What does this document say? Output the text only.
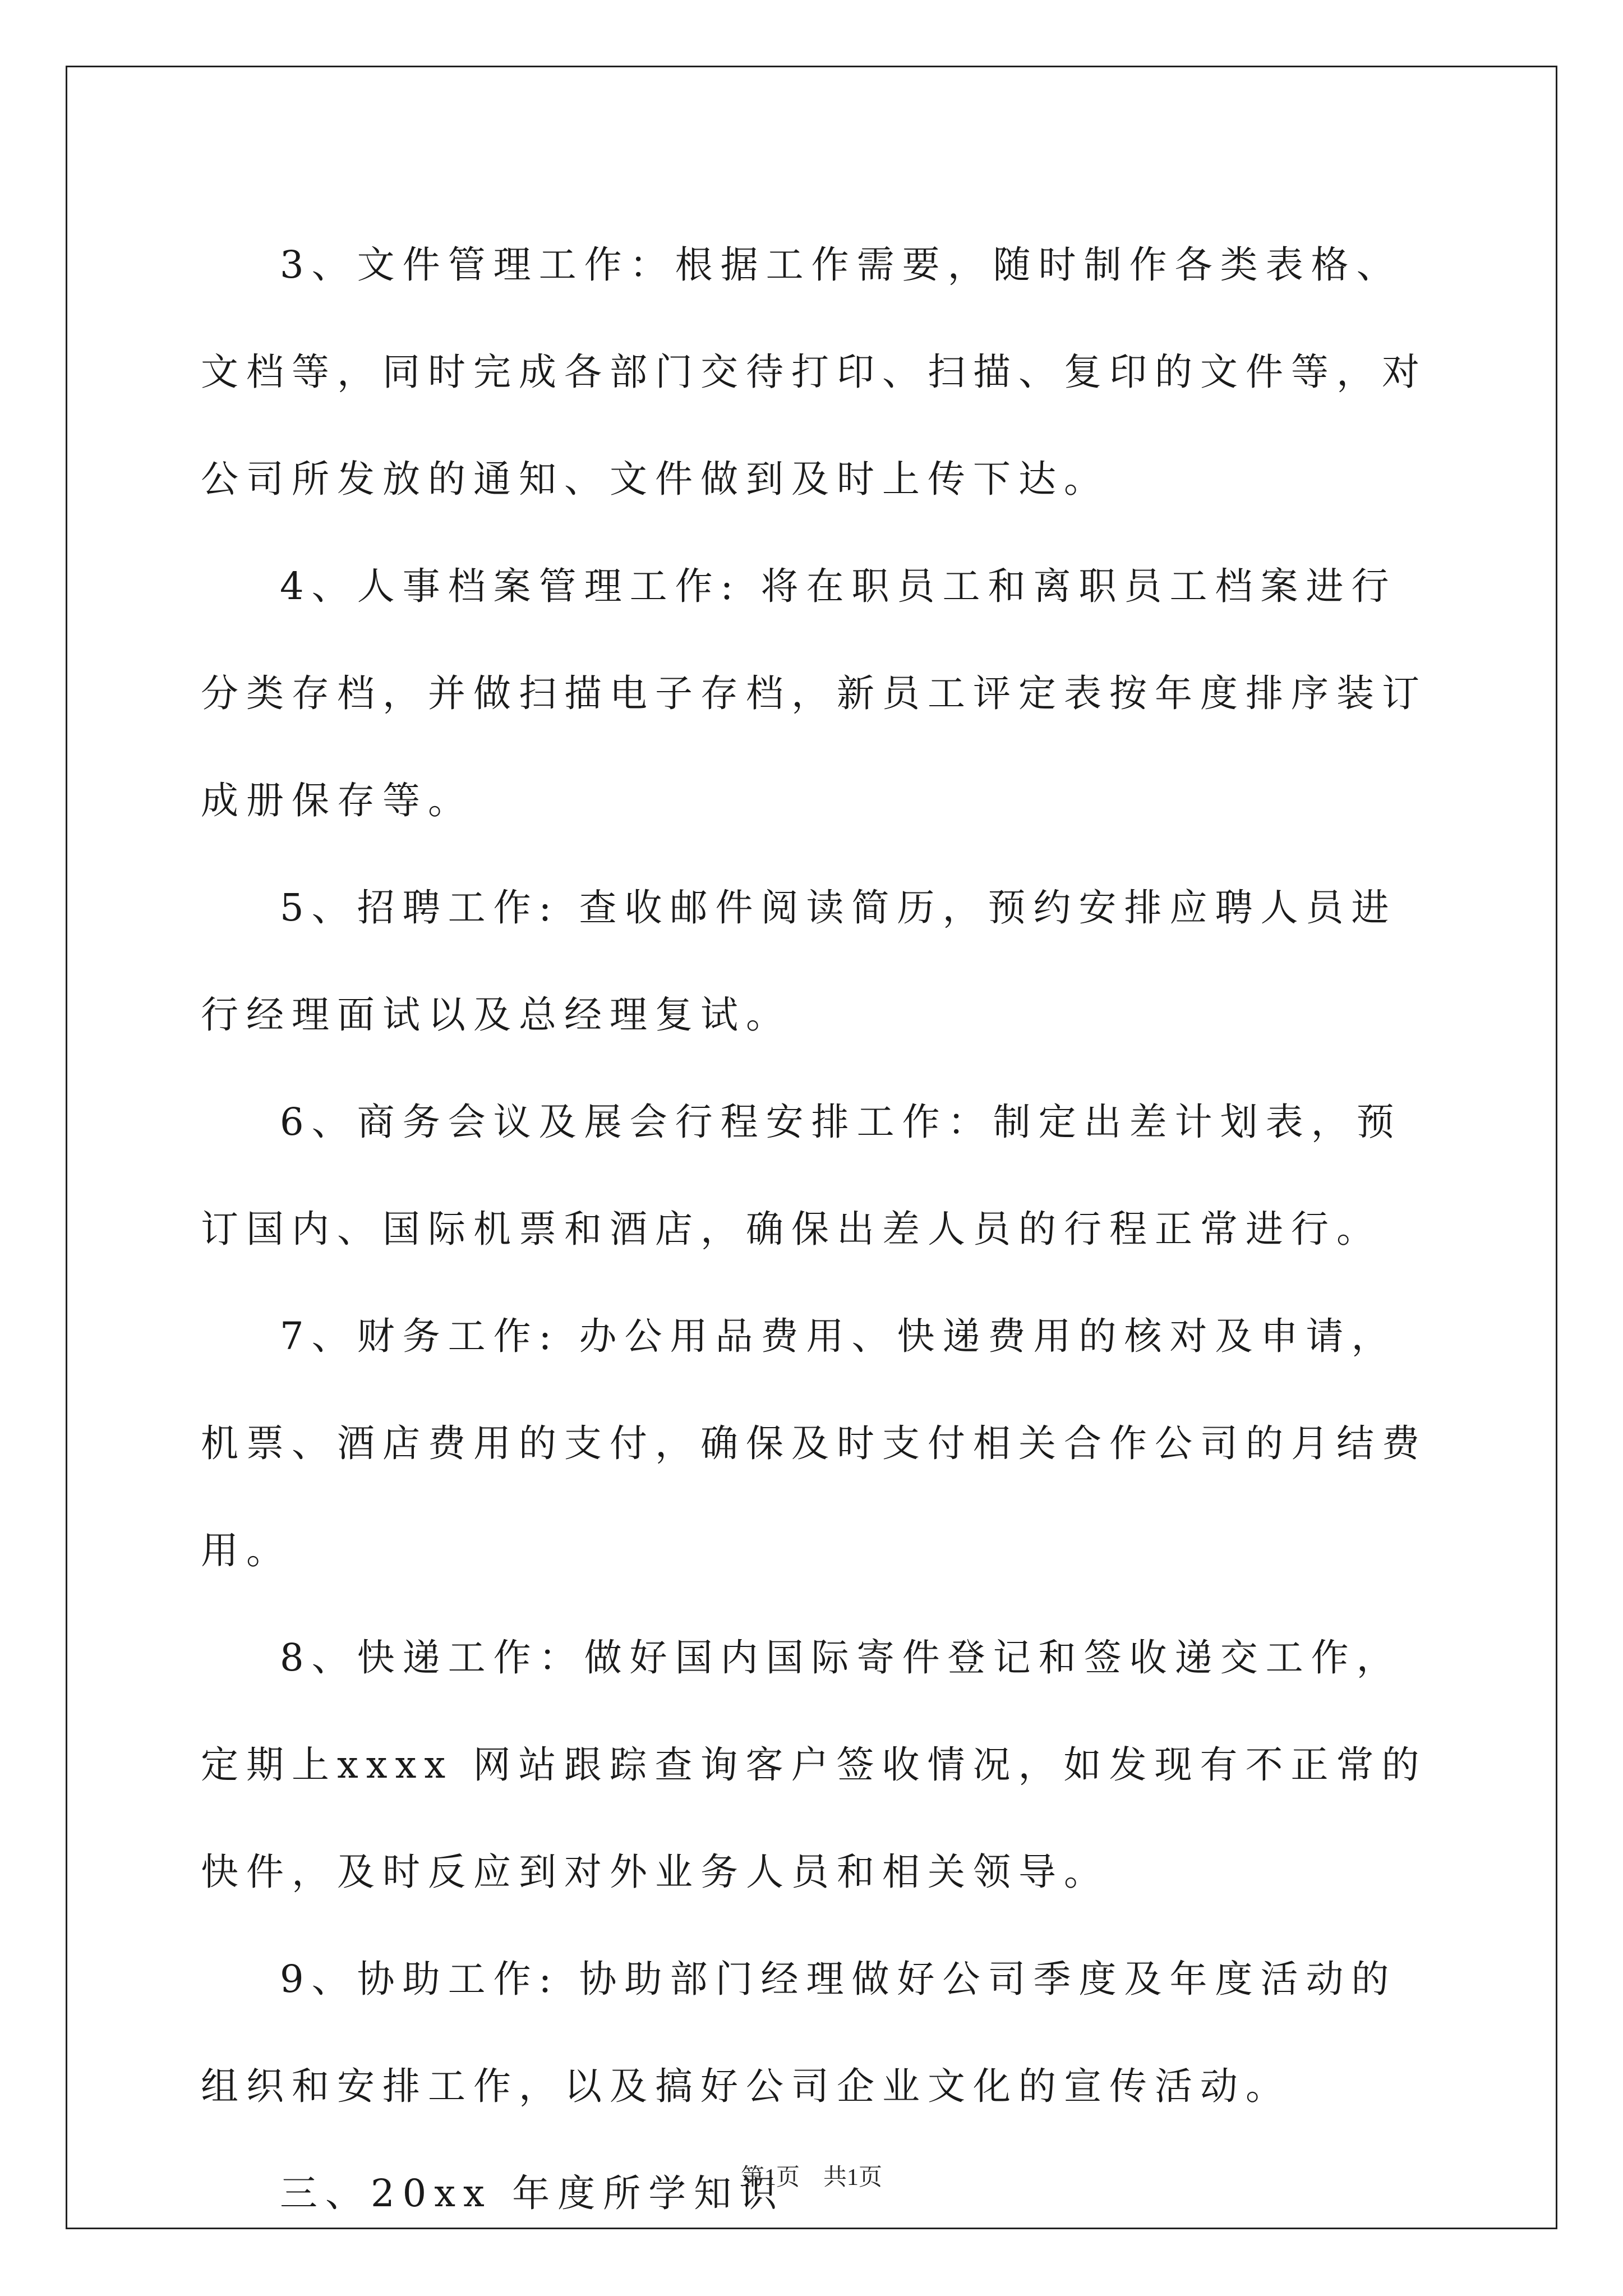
3、文件管理工作：根据工作需要，随时制作各类表格、文档等，同时完成各部门交待打印、扫描、复印的文件等，对公司所发放的通知、文件做到及时上传下达。

4、人事档案管理工作: 将在职员工和离职员工档案进行分类存档，并做扫描电子存档，新员工评定表按年度排序装订成册保存等。

5、招聘工作: 查收邮件阅读简历，预约安排应聘人员进行经理面试以及总经理复试。

6、商务会议及展会行程安排工作：制定出差计划表，预订国内、国际机票和酒店，确保出差人员的行程正常进行。

7、财务工作: 办公用品费用、快递费用的核对及申请，机票、酒店费用的支付，确保及时支付相关合作公司的月结费用。

8、快递工作：做好国内国际寄件登记和签收递交工作，定期上xxxx 网站跟踪查询客户签收情况，如发现有不正常的快件，及时反应到对外业务人员和相关领导。

9、协助工作: 协助部门经理做好公司季度及年度活动的组织和安排工作，以及搞好公司企业文化的宣传活动。

三、20xx 年度所学知识

第1页　共1页
